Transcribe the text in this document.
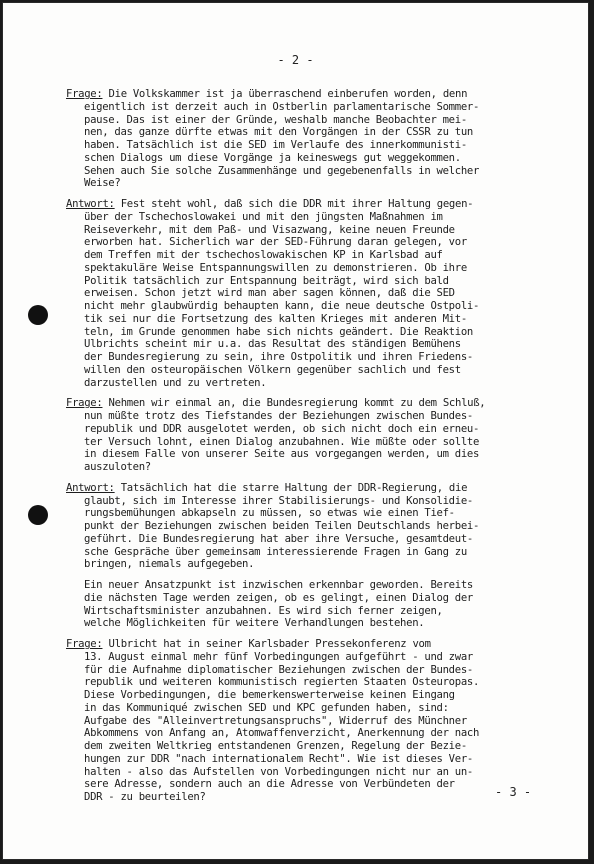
- 2 -
Frage: Die Volkskammer ist ja überraschend einberufen worden, denn
eigentlich ist derzeit auch in Ostberlin parlamentarische Sommer-
pause. Das ist einer der Gründe, weshalb manche Beobachter mei-
nen, das ganze dürfte etwas mit den Vorgängen in der CSSR zu tun
haben. Tatsächlich ist die SED im Verlaufe des innerkommunisti-
schen Dialogs um diese Vorgänge ja keineswegs gut weggekommen.
Sehen auch Sie solche Zusammenhänge und gegebenenfalls in welcher
Weise?
Antwort: Fest steht wohl, daß sich die DDR mit ihrer Haltung gegen-
über der Tschechoslowakei und mit den jüngsten Maßnahmen im
Reiseverkehr, mit dem Paß- und Visazwang, keine neuen Freunde
erworben hat. Sicherlich war der SED-Führung daran gelegen, vor
dem Treffen mit der tschechoslowakischen KP in Karlsbad auf
spektakuläre Weise Entspannungswillen zu demonstrieren. Ob ihre
Politik tatsächlich zur Entspannung beiträgt, wird sich bald
erweisen. Schon jetzt wird man aber sagen können, daß die SED
nicht mehr glaubwürdig behaupten kann, die neue deutsche Ostpoli-
tik sei nur die Fortsetzung des kalten Krieges mit anderen Mit-
teln, im Grunde genommen habe sich nichts geändert. Die Reaktion
Ulbrichts scheint mir u.a. das Resultat des ständigen Bemühens
der Bundesregierung zu sein, ihre Ostpolitik und ihren Friedens-
willen den osteuropäischen Völkern gegenüber sachlich und fest
darzustellen und zu vertreten.
Frage: Nehmen wir einmal an, die Bundesregierung kommt zu dem Schluß,
nun müßte trotz des Tiefstandes der Beziehungen zwischen Bundes-
republik und DDR ausgelotet werden, ob sich nicht doch ein erneu-
ter Versuch lohnt, einen Dialog anzubahnen. Wie müßte oder sollte
in diesem Falle von unserer Seite aus vorgegangen werden, um dies
auszuloten?
Antwort: Tatsächlich hat die starre Haltung der DDR-Regierung, die
glaubt, sich im Interesse ihrer Stabilisierungs- und Konsolidie-
rungsbemühungen abkapseln zu müssen, so etwas wie einen Tief-
punkt der Beziehungen zwischen beiden Teilen Deutschlands herbei-
geführt. Die Bundesregierung hat aber ihre Versuche, gesamtdeut-
sche Gespräche über gemeinsam interessierende Fragen in Gang zu
bringen, niemals aufgegeben.
Ein neuer Ansatzpunkt ist inzwischen erkennbar geworden. Bereits
die nächsten Tage werden zeigen, ob es gelingt, einen Dialog der
Wirtschaftsminister anzubahnen. Es wird sich ferner zeigen,
welche Möglichkeiten für weitere Verhandlungen bestehen.
Frage: Ulbricht hat in seiner Karlsbader Pressekonferenz vom
13. August einmal mehr fünf Vorbedingungen aufgeführt - und zwar
für die Aufnahme diplomatischer Beziehungen zwischen der Bundes-
republik und weiteren kommunistisch regierten Staaten Osteuropas.
Diese Vorbedingungen, die bemerkenswerterweise keinen Eingang
in das Kommuniqué zwischen SED und KPC gefunden haben, sind:
Aufgabe des "Alleinvertretungsanspruchs", Widerruf des Münchner
Abkommens von Anfang an, Atomwaffenverzicht, Anerkennung der nach
dem zweiten Weltkrieg entstandenen Grenzen, Regelung der Bezie-
hungen zur DDR "nach internationalem Recht". Wie ist dieses Ver-
halten - also das Aufstellen von Vorbedingungen nicht nur an un-
sere Adresse, sondern auch an die Adresse von Verbündeten der
DDR - zu beurteilen?	- 3 -
